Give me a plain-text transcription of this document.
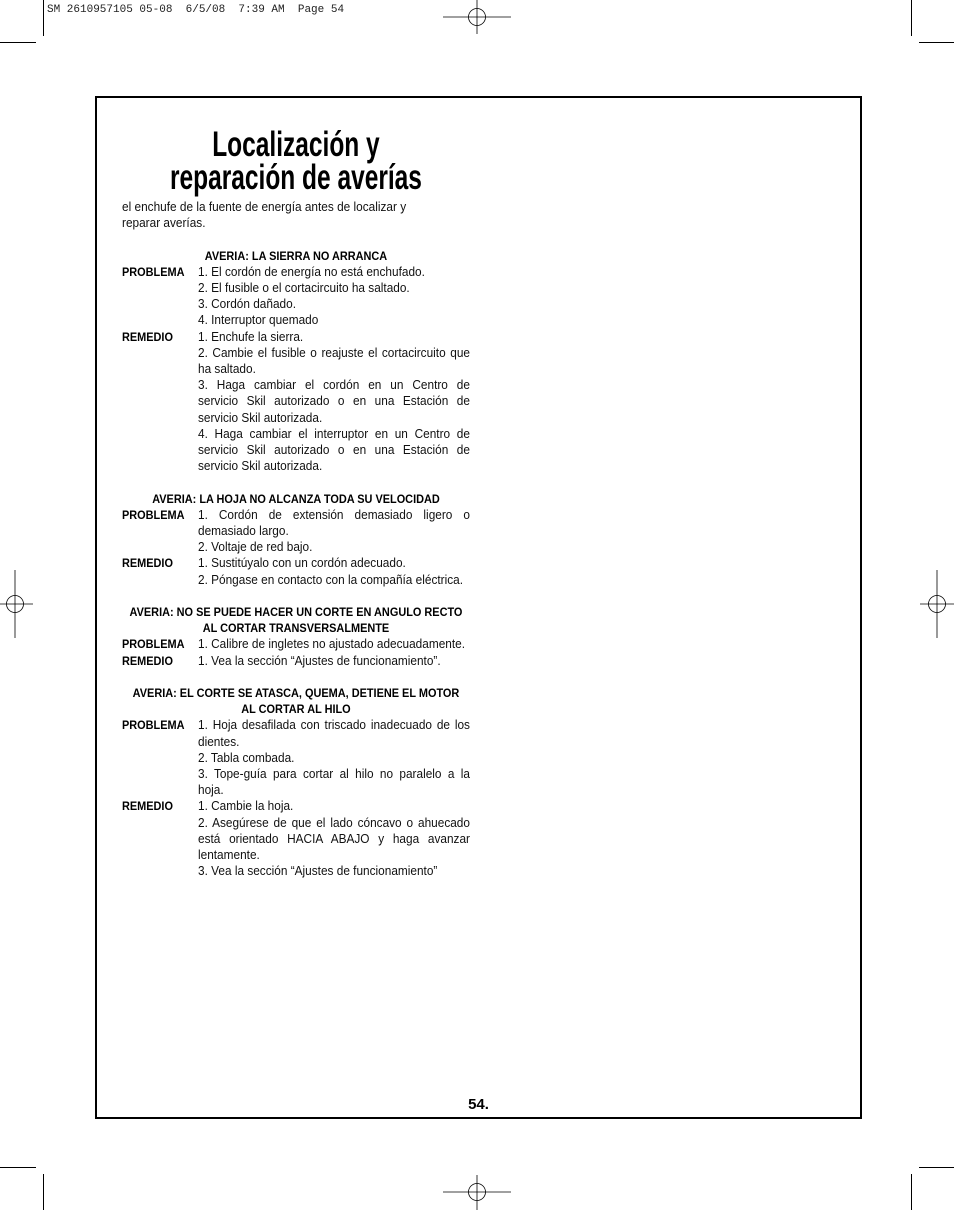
SM 2610957105 05-08  6/5/08  7:39 AM  Page 54
Localización y
reparación de averías
el enchufe de la fuente de energía antes de localizar y
reparar averías.
AVERIA: LA SIERRA NO ARRANCA
PROBLEMA	1. El cordón de energía no está enchufado.
2. El fusible o el cortacircuito ha saltado.
3. Cordón dañado.
4. Interruptor quemado
REMEDIO	1. Enchufe la sierra.
2. Cambie el fusible o reajuste el cortacircuito que
ha saltado.
3. Haga cambiar el cordón en un Centro de
servicio Skil autorizado o en una Estación de
servicio Skil autorizada.
4. Haga cambiar el interruptor en un Centro de
servicio Skil autorizado o en una Estación de
servicio Skil autorizada.
AVERIA: LA HOJA NO ALCANZA TODA SU VELOCIDAD
PROBLEMA	1. Cordón de extensión demasiado ligero o
demasiado largo.
2. Voltaje de red bajo.
REMEDIO	1. Sustitúyalo con un cordón adecuado.
2. Póngase en contacto con la compañía eléctrica.
AVERIA: NO SE PUEDE HACER UN CORTE EN ANGULO RECTO
AL CORTAR TRANSVERSALMENTE
PROBLEMA	1. Calibre de ingletes no ajustado adecuadamente.
REMEDIO	1. Vea la sección “Ajustes de funcionamiento”.
AVERIA: EL CORTE SE ATASCA, QUEMA, DETIENE EL MOTOR
AL CORTAR AL HILO
PROBLEMA	1. Hoja desafilada con triscado inadecuado de los
dientes.
2. Tabla combada.
3. Tope-guía para cortar al hilo no paralelo a la
hoja.
REMEDIO	1. Cambie la hoja.
2. Asegúrese de que el lado cóncavo o ahuecado
está orientado HACIA ABAJO y haga avanzar
lentamente.
3. Vea la sección “Ajustes de funcionamiento”
54.
